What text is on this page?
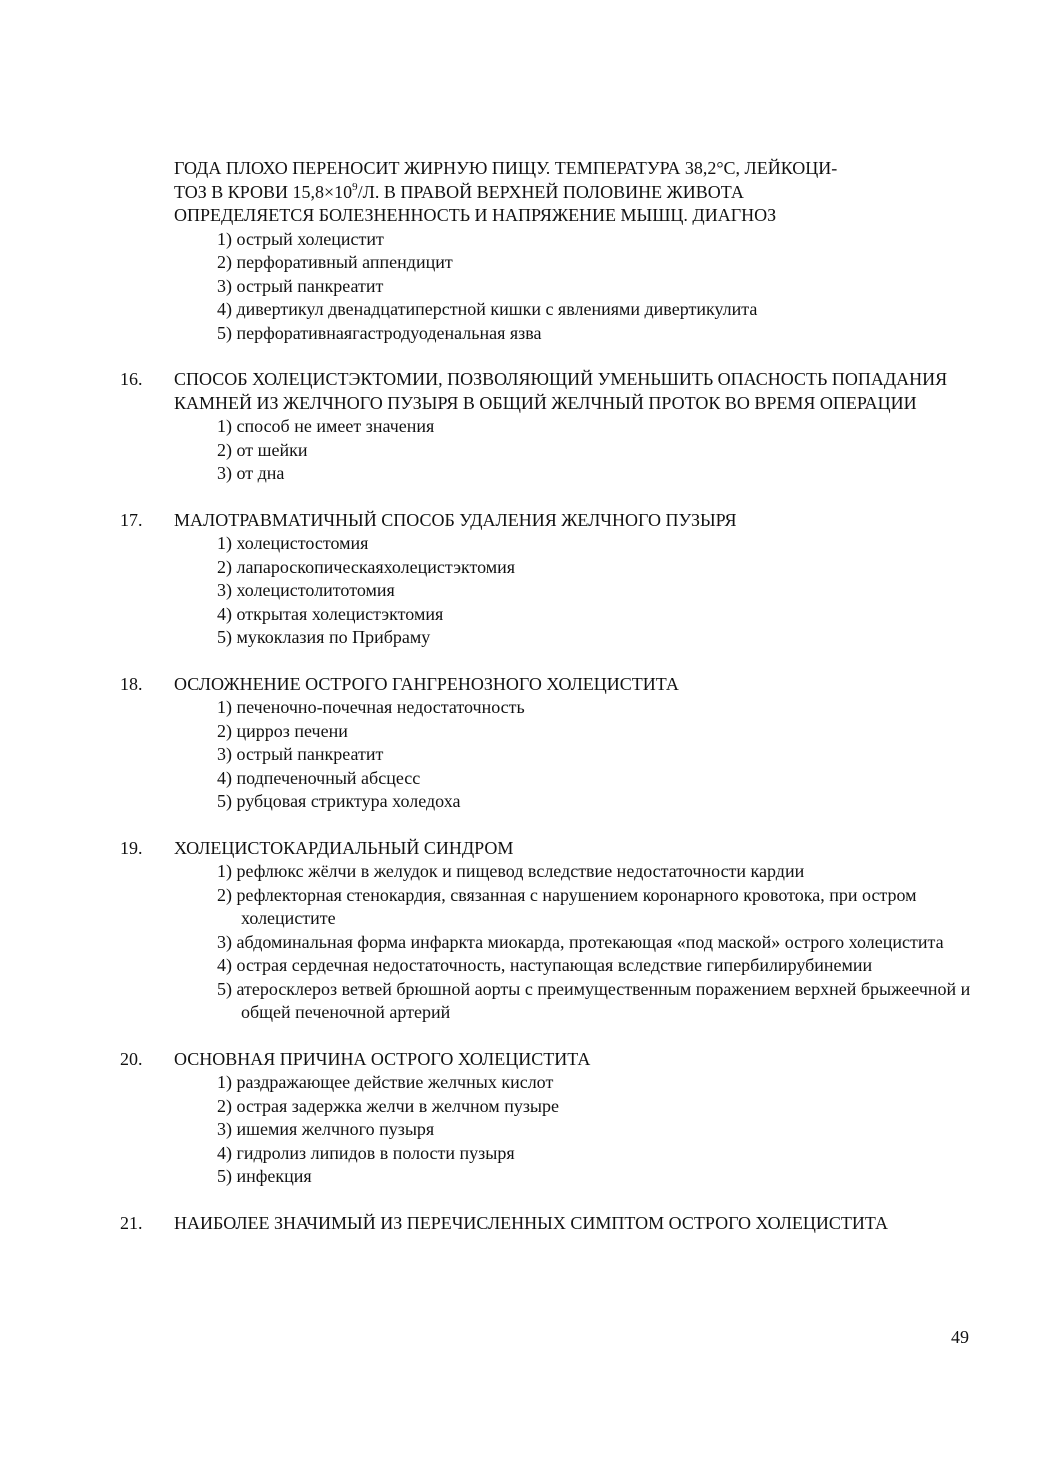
ГОДА ПЛОХО ПЕРЕНОСИТ ЖИРНУЮ ПИЩУ. ТЕМПЕРАТУРА 38,2°С, ЛЕЙКОЦИ-
ТОЗ В КРОВИ $15,8\times 10^9/Л$. В ПРАВОЙ ВЕРХНЕЙ ПОЛОВИНЕ ЖИВОТА
ОПРЕДЕЛЯЕТСЯ БОЛЕЗНЕННОСТЬ И НАПРЯЖЕНИЕ МЫШЦ. ДИАГНОЗ
1) острый холецистит
2) перфоративный аппендицит
3) острый панкреатит
4) дивертикул двенадцатиперстной кишки с явлениями дивертикулита
5) перфоративнаягастродуоденальная язва
16. СПОСОБ ХОЛЕЦИСТЭКТОМИИ, ПОЗВОЛЯЮЩИЙ УМЕНЬШИТЬ ОПАСНОСТЬ ПОПАДАНИЯ КАМНЕЙ ИЗ ЖЕЛЧНОГО ПУЗЫРЯ В ОБЩИЙ ЖЕЛЧНЫЙ ПРОТОК ВО ВРЕМЯ ОПЕРАЦИИ
1) способ не имеет значения
2) от шейки
3) от дна
17. МАЛОТРАВМАТИЧНЫЙ СПОСОБ УДАЛЕНИЯ ЖЕЛЧНОГО ПУЗЫРЯ
1) холецистостомия
2) лапароскопическаяхолецистэктомия
3) холецистолитотомия
4) открытая холецистэктомия
5) мукоклазия по Прибраму
18. ОСЛОЖНЕНИЕ ОСТРОГО ГАНГРЕНОЗНОГО ХОЛЕЦИСТИТА
1) печеночно-почечная недостаточность
2) цирроз печени
3) острый панкреатит
4) подпеченочный абсцесс
5) рубцовая стриктура холедоха
19. ХОЛЕЦИСТОКАРДИАЛЬНЫЙ СИНДРОМ
1) рефлюкс жёлчи в желудок и пищевод вследствие недостаточности кардии
2) рефлекторная стенокардия, связанная с нарушением коронарного кровотока, при остром холецистите
3) абдоминальная форма инфаркта миокарда, протекающая «под маской» острого холецистита
4) острая сердечная недостаточность, наступающая вследствие гипербилирубинемии
5) атеросклероз ветвей брюшной аорты с преимущественным поражением верхней брыжеечной и общей печеночной артерий
20. ОСНОВНАЯ ПРИЧИНА ОСТРОГО ХОЛЕЦИСТИТА
1) раздражающее действие желчных кислот
2) острая задержка желчи в желчном пузыре
3) ишемия желчного пузыря
4) гидролиз липидов в полости пузыря
5) инфекция
21. НАИБОЛЕЕ ЗНАЧИМЫЙ ИЗ ПЕРЕЧИСЛЕННЫХ СИМПТОМ ОСТРОГО ХОЛЕЦИСТИТА
49
